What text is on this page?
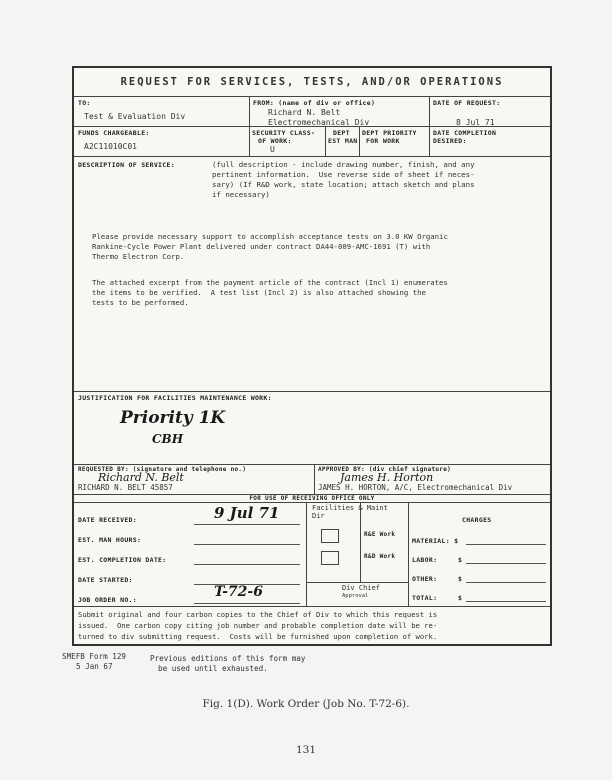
REQUEST FOR SERVICES, TESTS, AND/OR OPERATIONS
TO:
Test & Evaluation Div
FROM: (name of div or office)
Richard N. Belt
Electromechanical Div
DATE OF REQUEST:
8 Jul 71
FUNDS CHARGEABLE:
A2C11010C01
SECURITY CLASS-
OF WORK:
U
DEPT
EST MAN
DEPT PRIORITY
FOR WORK
DATE COMPLETION
DESIRED:
DESCRIPTION OF SERVICE:	(full description - include drawing number, finish, and any
pertinent information.  Use reverse side of sheet if neces-
sary) (If R&D work, state location; attach sketch and plans
if necessary)
Please provide necessary support to accomplish acceptance tests on 3.0 KW Organic
Rankine-Cycle Power Plant delivered under contract DA44-009-AMC-1691 (T) with
Thermo Electron Corp.
The attached excerpt from the payment article of the contract (Incl 1) enumerates
the items to be verified.  A test list (Incl 2) is also attached showing the
tests to be performed.
JUSTIFICATION FOR FACILITIES MAINTENANCE WORK:
Priority 1K
CBH
REQUESTED BY: (signature and telephone no.)
Richard N. Belt
RICHARD N. BELT 45857
APPROVED BY: (div chief signature)
James H. Horton
JAMES H. HORTON, A/C, Electromechanical Div
FOR USE OF RECEIVING OFFICE ONLY
DATE RECEIVED:	9 Jul 71
EST. MAN HOURS:
EST. COMPLETION DATE:
DATE STARTED:
JOB ORDER NO.:	T-72-6
Facilities & Maint
Dir
R&E Work
R&D Work
Div Chief
Approval
CHARGES
MATERIAL: $
LABOR:	$
OTHER:	$
TOTAL:	$
Submit original and four carbon copies to the Chief of Div to which this request is
issued.  One carbon copy citing job number and probable completion date will be re-
turned to div submitting request.  Costs will be furnished upon completion of work.
SMEFB Form 129
5 Jan 67
Previous editions of this form may
be used until exhausted.
Fig. 1(D). Work Order (Job No. T-72-6).
131
